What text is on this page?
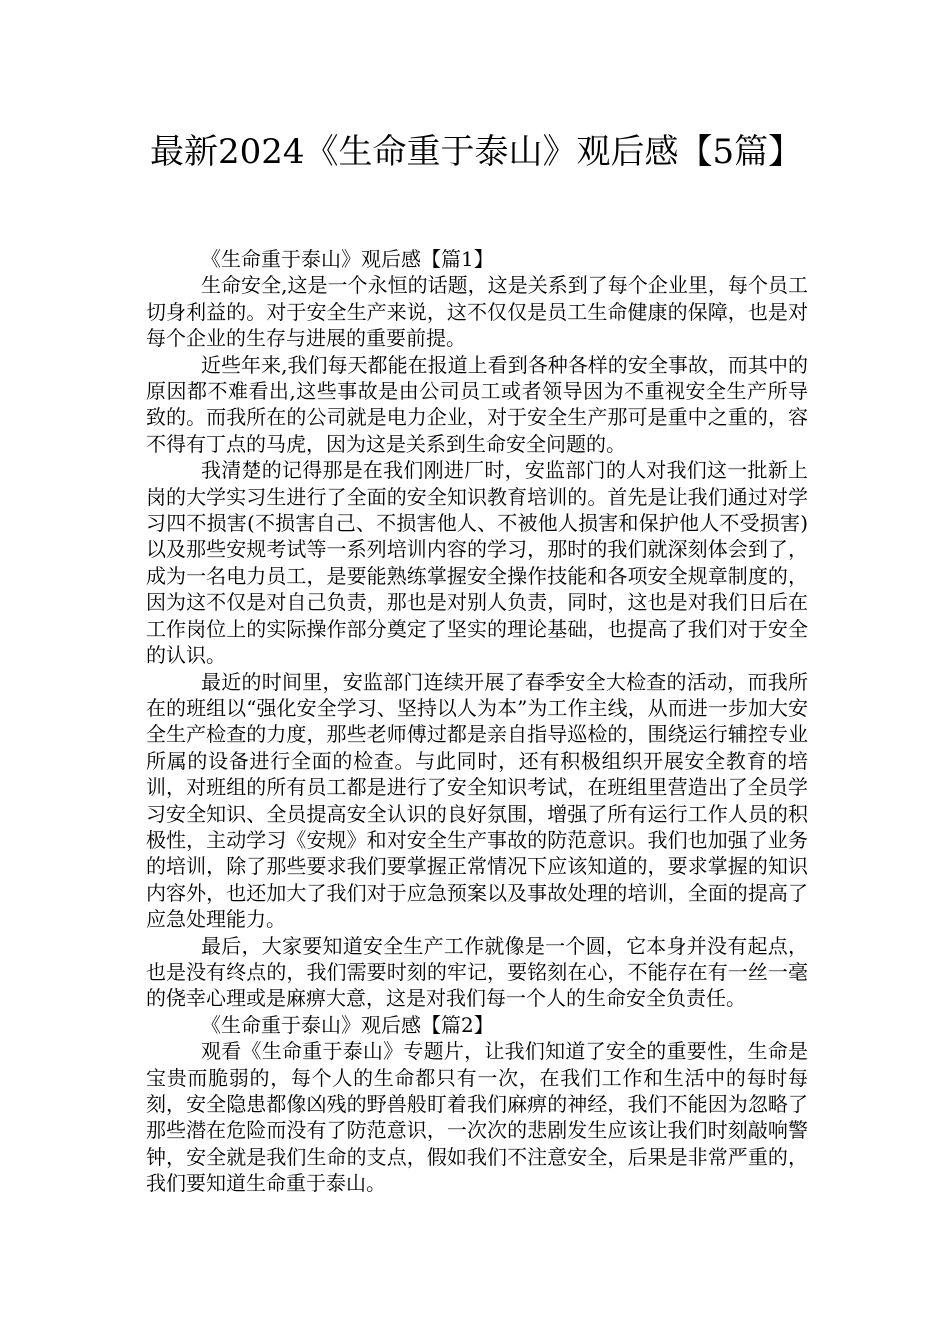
最新2024《生命重于泰山》观后感【5篇】

《生命重于泰山》观后感【篇1】

生命安全,这是一个永恒的话题，这是关系到了每个企业里，每个员工切身利益的。对于安全生产来说，这不仅仅是员工生命健康的保障，也是对每个企业的生存与进展的重要前提。

近些年来,我们每天都能在报道上看到各种各样的安全事故，而其中的原因都不难看出,这些事故是由公司员工或者领导因为不重视安全生产所导致的。而我所在的公司就是电力企业，对于安全生产那可是重中之重的，容不得有丁点的马虎，因为这是关系到生命安全问题的。

我清楚的记得那是在我们刚进厂时，安监部门的人对我们这一批新上岗的大学实习生进行了全面的安全知识教育培训的。首先是让我们通过对学习四不损害(不损害自己、不损害他人、不被他人损害和保护他人不受损害)以及那些安规考试等一系列培训内容的学习，那时的我们就深刻体会到了，成为一名电力员工，是要能熟练掌握安全操作技能和各项安全规章制度的，因为这不仅是对自己负责，那也是对别人负责，同时，这也是对我们日后在工作岗位上的实际操作部分奠定了坚实的理论基础，也提高了我们对于安全的认识。

最近的时间里，安监部门连续开展了春季安全大检查的活动，而我所在的班组以“强化安全学习、坚持以人为本”为工作主线，从而进一步加大安全生产检查的力度，那些老师傅过都是亲自指导巡检的，围绕运行辅控专业所属的设备进行全面的检查。与此同时，还有积极组织开展安全教育的培训，对班组的所有员工都是进行了安全知识考试，在班组里营造出了全员学习安全知识、全员提高安全认识的良好氛围，增强了所有运行工作人员的积极性，主动学习《安规》和对安全生产事故的防范意识。我们也加强了业务的培训，除了那些要求我们要掌握正常情况下应该知道的，要求掌握的知识内容外，也还加大了我们对于应急预案以及事故处理的培训，全面的提高了应急处理能力。

最后，大家要知道安全生产工作就像是一个圆，它本身并没有起点，也是没有终点的，我们需要时刻的牢记，要铭刻在心，不能存在有一丝一毫的侥幸心理或是麻痹大意，这是对我们每一个人的生命安全负责任。

《生命重于泰山》观后感【篇2】

观看《生命重于泰山》专题片，让我们知道了安全的重要性，生命是宝贵而脆弱的，每个人的生命都只有一次，在我们工作和生活中的每时每刻，安全隐患都像凶残的野兽般盯着我们麻痹的神经，我们不能因为忽略了那些潜在危险而没有了防范意识，一次次的悲剧发生应该让我们时刻敲响警钟，安全就是我们生命的支点，假如我们不注意安全，后果是非常严重的，我们要知道生命重于泰山。
